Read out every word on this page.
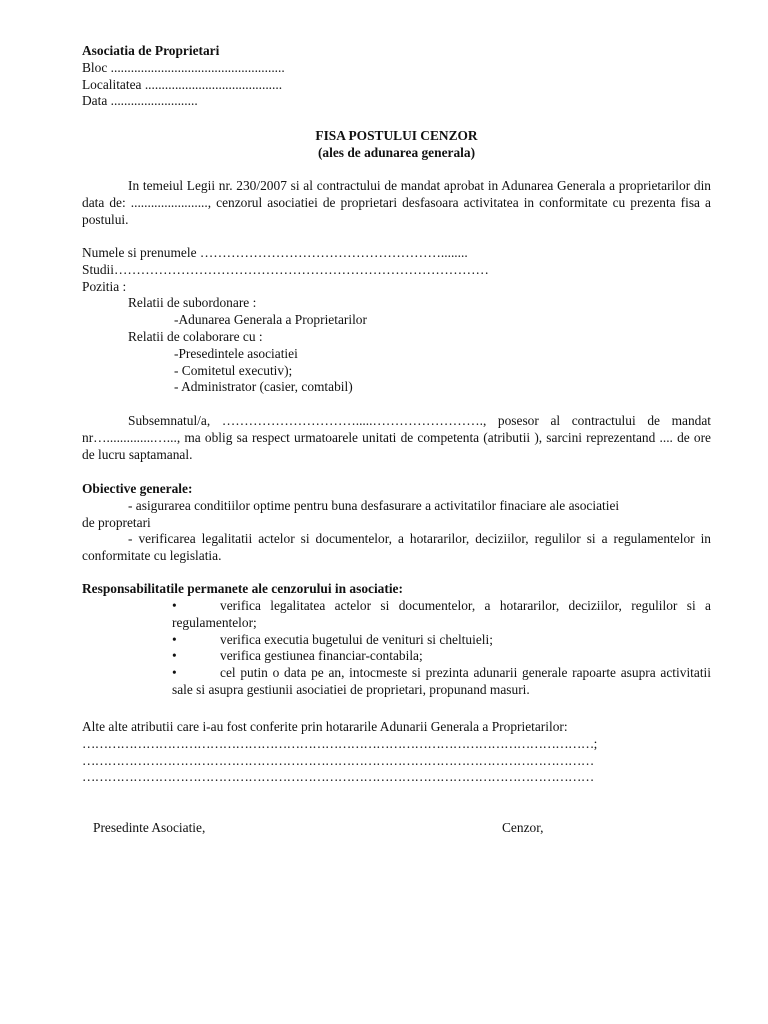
Asociatia de Proprietari
Bloc ....................................................
Localitatea .........................................
Data ..........................
FISA POSTULUI CENZOR
(ales de adunarea generala)
In temeiul Legii nr. 230/2007 si al contractului de mandat aprobat in Adunarea Generala a proprietarilor din data de: ......................., cenzorul asociatiei de proprietari desfasoara activitatea in conformitate cu prezenta fisa a postului.
Numele si prenumele ………………………………………………........
Studii…………………………………………………………………………
Pozitia :
Relatii de subordonare :
-Adunarea Generala a Proprietarilor
Relatii de colaborare cu :
-Presedintele asociatiei
- Comitetul executiv);
- Administrator (casier, comtabil)
Subsemnatul/a, ………………………….....……………………., posesor al contractului de mandat nr…..............…..., ma oblig sa respect urmatoarele unitati de competenta (atributii ), sarcini reprezentand .... de ore de lucru saptamanal.
Obiective generale:
- asigurarea conditiilor optime pentru buna desfasurare a activitatilor finaciare ale asociatiei
de propretari
- verificarea legalitatii actelor si documentelor, a hotararilor, deciziilor, regulilor si a regulamentelor in conformitate cu legislatia.
Responsabilitatile permanete ale cenzorului in asociatie:
•	verifica legalitatea actelor si documentelor, a hotararilor, deciziilor, regulilor si a regulamentelor;
•	verifica executia bugetului de venituri si cheltuieli;
•	verifica gestiunea financiar-contabila;
•	cel putin o data pe an, intocmeste si prezinta adunarii generale rapoarte asupra activitatii sale si asupra gestiunii asociatiei de proprietari, propunand masuri.
Alte alte atributii care i-au fost conferite prin hotararile Adunarii Generala a Proprietarilor:
…………………………………………………………………………………………………………;
…………………………………………………………………………………………………………
…………………………………………………………………………………………………………
Presedinte Asociatie,	Cenzor,
